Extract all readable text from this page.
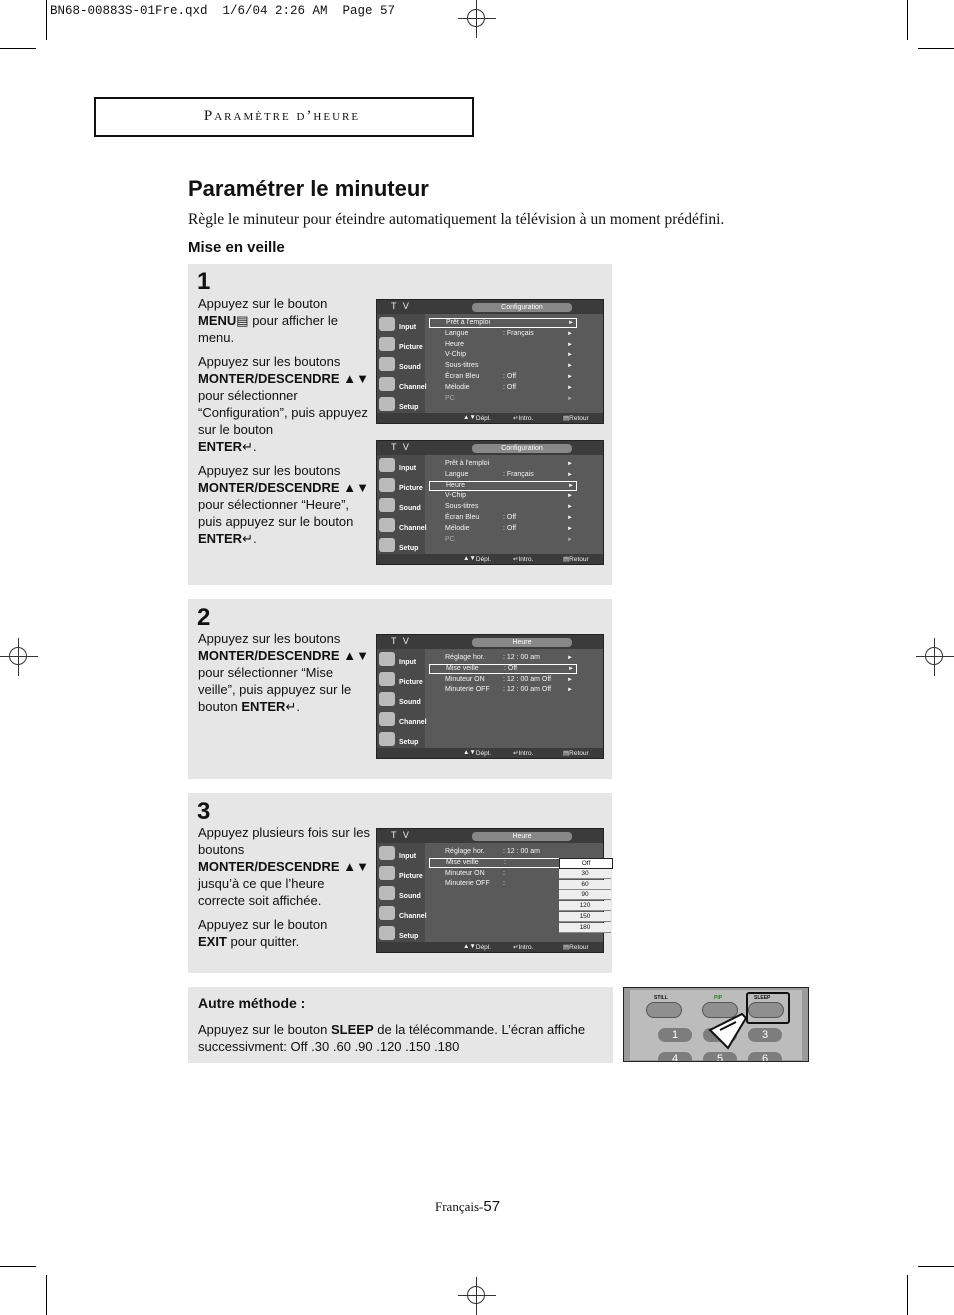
BN68-00883S-01Fre.qxd  1/6/04 2:26 AM  Page 57
Paramètre d’heure
Paramétrer le minuteur
Règle le minuteur pour éteindre automatiquement la télévision à un moment prédéfini.
Mise en veille
1

Appuyez sur le bouton
MENU▤ pour afficher le menu.

Appuyez sur les boutons
MONTER/DESCENDRE ▲▼
pour sélectionner “Configuration”, puis appuyez sur le bouton
ENTER↵.

Appuyez sur les boutons
MONTER/DESCENDRE ▲▼
pour sélectionner “Heure”, puis appuyez sur le bouton
ENTER↵.

T V	Configuration
Input
Picture
Sound
Channel
Setup
Prêt à l'emploi	►
Langue	: Français	►
Heure	►
V-Chip	►
Sous-titres	►
Écran Bleu	: Off	►
Mélodie	: Off	►
PC	►
▲▼ Dépl.	↵ Intro.	▤ Retour
T V	Configuration
Input
Picture
Sound
Channel
Setup
Prêt à l'emploi	►
Langue	: Français	►
Heure	►
V-Chip	►
Sous-titres	►
Écran Bleu	: Off	►
Mélodie	: Off	►
PC	►
▲▼ Dépl.	↵ Intro.	▤ Retour
2

Appuyez sur les boutons
MONTER/DESCENDRE ▲▼
pour sélectionner “Mise veille”, puis appuyez sur le bouton ENTER↵.

T V	Heure
Input
Picture
Sound
Channel
Setup
Réglage hor.	: 12 : 00 am	►
Mise veille	: Off	►
Minuteur ON	: 12 : 00 am Off	►
Minuterie OFF : 12 : 00 am Off	►
▲▼ Dépl.	↵ Intro.	▤ Retour
3

Appuyez plusieurs fois sur les boutons
MONTER/DESCENDRE ▲▼
jusqu’à ce que l’heure correcte soit affichée.

Appuyez sur le bouton
EXIT pour quitter.

T V	Heure
Input
Picture
Sound
Channel
Setup
Réglage hor.	: 12 : 00 am
Mise veille	:
Minuteur ON	:
Minuterie OFF :
Off
30
60
90
120
150
180
▲▼ Dépl.	↵ Intro.	▤ Retour
Autre méthode :
Appuyez sur le bouton SLEEP de la télécommande. L’écran affiche successivment: Off .30 .60 .90 .120 .150 .180
STILL	PIP	SLEEP
1	3
4	5	6
Français-57
